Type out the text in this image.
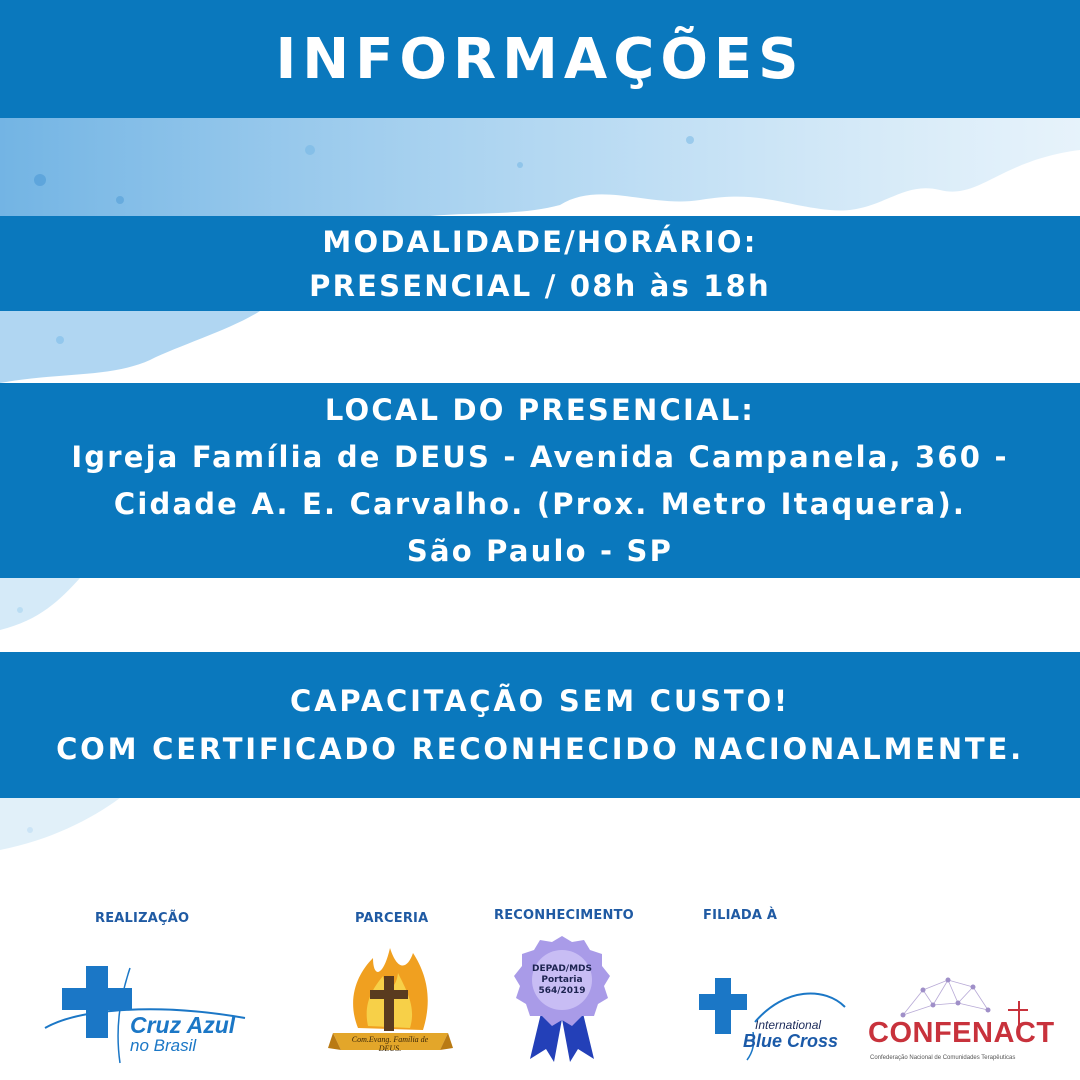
INFORMAÇÕES
MODALIDADE/HORÁRIO:
PRESENCIAL / 08h às 18h
LOCAL DO PRESENCIAL:
Igreja Família de DEUS - Avenida Campanela, 360 -
Cidade A. E. Carvalho. (Prox. Metro Itaquera).
São Paulo - SP
CAPACITAÇÃO SEM CUSTO!
COM CERTIFICADO RECONHECIDO NACIONALMENTE.
REALIZAÇÃO	PARCERIA	RECONHECIMENTO	FILIADA À
Cruz Azul
no Brasil	Com.Evang. Família de DEUS.
DEPAD/MDS
Portaria
564/2019
International
Blue Cross CONFENACT
Confederação Nacional de Comunidades Terapêuticas
